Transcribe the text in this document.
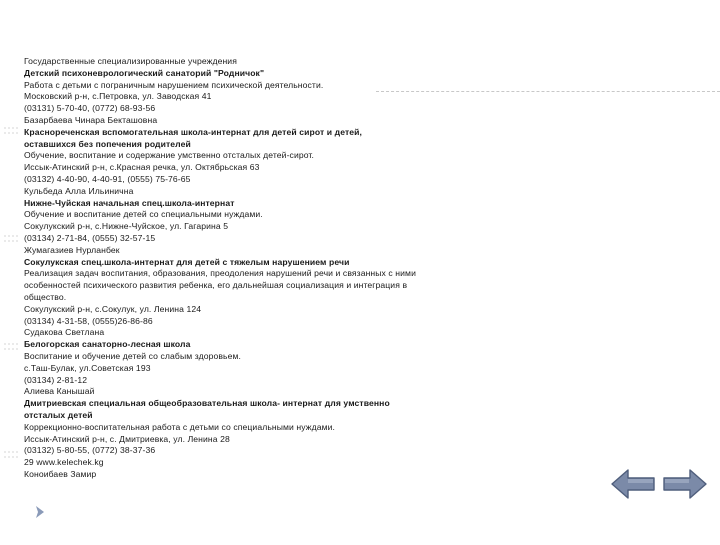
Государственные специализированные учреждения
Детский психоневрологический санаторий "Родничок"
Работа с детьми с пограничным нарушением психической деятельности.
Московский р-н, с.Петровка, ул. Заводская 41
(03131) 5-70-40, (0772) 68-93-56
Базарбаева Чинара Бекташовна
Краснореченская вспомогательная школа-интернат для детей сирот и детей,
оставшихся без попечения родителей
Обучение, воспитание и содержание умственно отсталых детей-сирот.
Иссык-Атинский р-н, с.Красная речка, ул. Октябрьская 63
(03132) 4-40-90, 4-40-91, (0555) 75-76-65
Кульбеда Алла Ильинична
Нижне-Чуйская начальная спец.школа-интернат
Обучение и воспитание детей со специальными нуждами.
Сокулукский р-н, с.Нижне-Чуйское, ул. Гагарина 5
(03134) 2-71-84, (0555) 32-57-15
Жумагазиев Нурланбек
Сокулукская спец.школа-интернат для детей с тяжелым нарушением речи
Реализация задач воспитания, образования, преодоления нарушений речи и связанных с ними
особенностей психического развития ребенка, его дальнейшая социализация и интеграция в
общество.
Сокулукский р-н, с.Сокулук, ул. Ленина 124
(03134) 4-31-58, (0555)26-86-86
Судакова Светлана
Белогорская санаторно-лесная школа
Воспитание и обучение детей со слабым здоровьем.
с.Таш-Булак, ул.Советская 193
(03134) 2-81-12
Алиева Канышай
Дмитриевская специальная общеобразовательная школа- интернат для умственно
отсталых детей
Коррекционно-воспитательная работа с детьми со специальными нуждами.
Иссык-Атинский р-н, с. Дмитриевка, ул. Ленина 28
(03132) 5-80-55, (0772) 38-37-36
29 www.kelechek.kg
Коноибаев Замир
